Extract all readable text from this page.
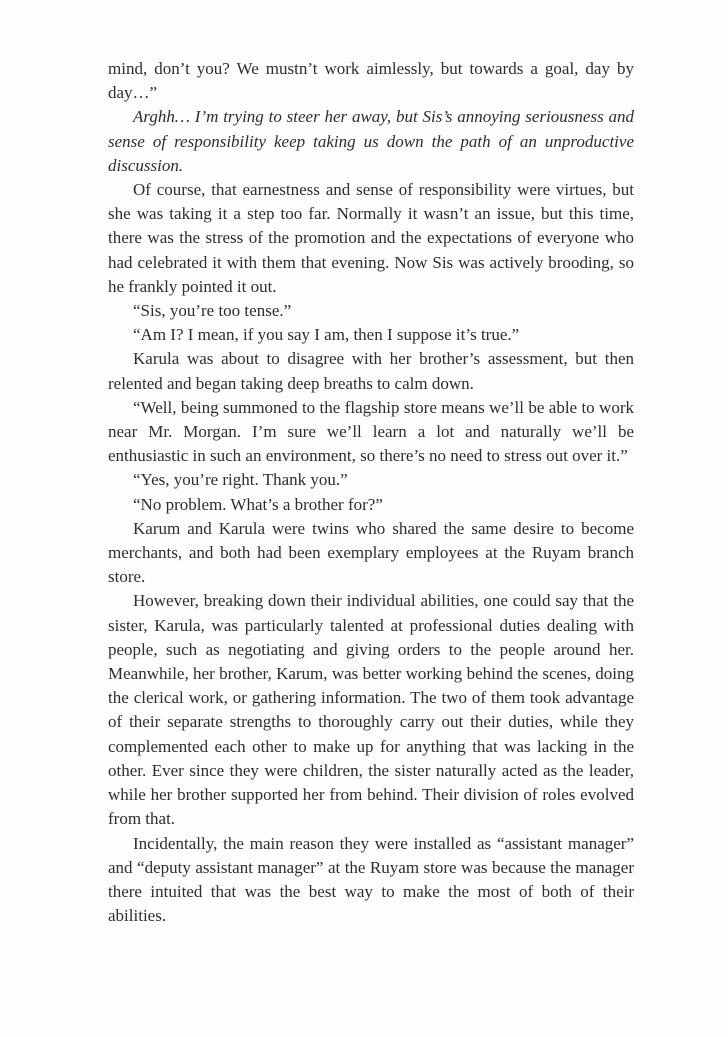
mind, don’t you? We mustn’t work aimlessly, but towards a goal, day by day…”

Arghh… I’m trying to steer her away, but Sis’s annoying seriousness and sense of responsibility keep taking us down the path of an unproductive discussion.

Of course, that earnestness and sense of responsibility were virtues, but she was taking it a step too far. Normally it wasn’t an issue, but this time, there was the stress of the promotion and the expectations of everyone who had celebrated it with them that evening. Now Sis was actively brooding, so he frankly pointed it out.

“Sis, you’re too tense.”

“Am I? I mean, if you say I am, then I suppose it’s true.”

Karula was about to disagree with her brother’s assessment, but then relented and began taking deep breaths to calm down.

“Well, being summoned to the flagship store means we’ll be able to work near Mr. Morgan. I’m sure we’ll learn a lot and naturally we’ll be enthusiastic in such an environment, so there’s no need to stress out over it.”

“Yes, you’re right. Thank you.”

“No problem. What’s a brother for?”

Karum and Karula were twins who shared the same desire to become merchants, and both had been exemplary employees at the Ruyam branch store.

However, breaking down their individual abilities, one could say that the sister, Karula, was particularly talented at professional duties dealing with people, such as negotiating and giving orders to the people around her. Meanwhile, her brother, Karum, was better working behind the scenes, doing the clerical work, or gathering information. The two of them took advantage of their separate strengths to thoroughly carry out their duties, while they complemented each other to make up for anything that was lacking in the other. Ever since they were children, the sister naturally acted as the leader, while her brother supported her from behind. Their division of roles evolved from that.

Incidentally, the main reason they were installed as “assistant manager” and “deputy assistant manager” at the Ruyam store was because the manager there intuited that was the best way to make the most of both of their abilities.
